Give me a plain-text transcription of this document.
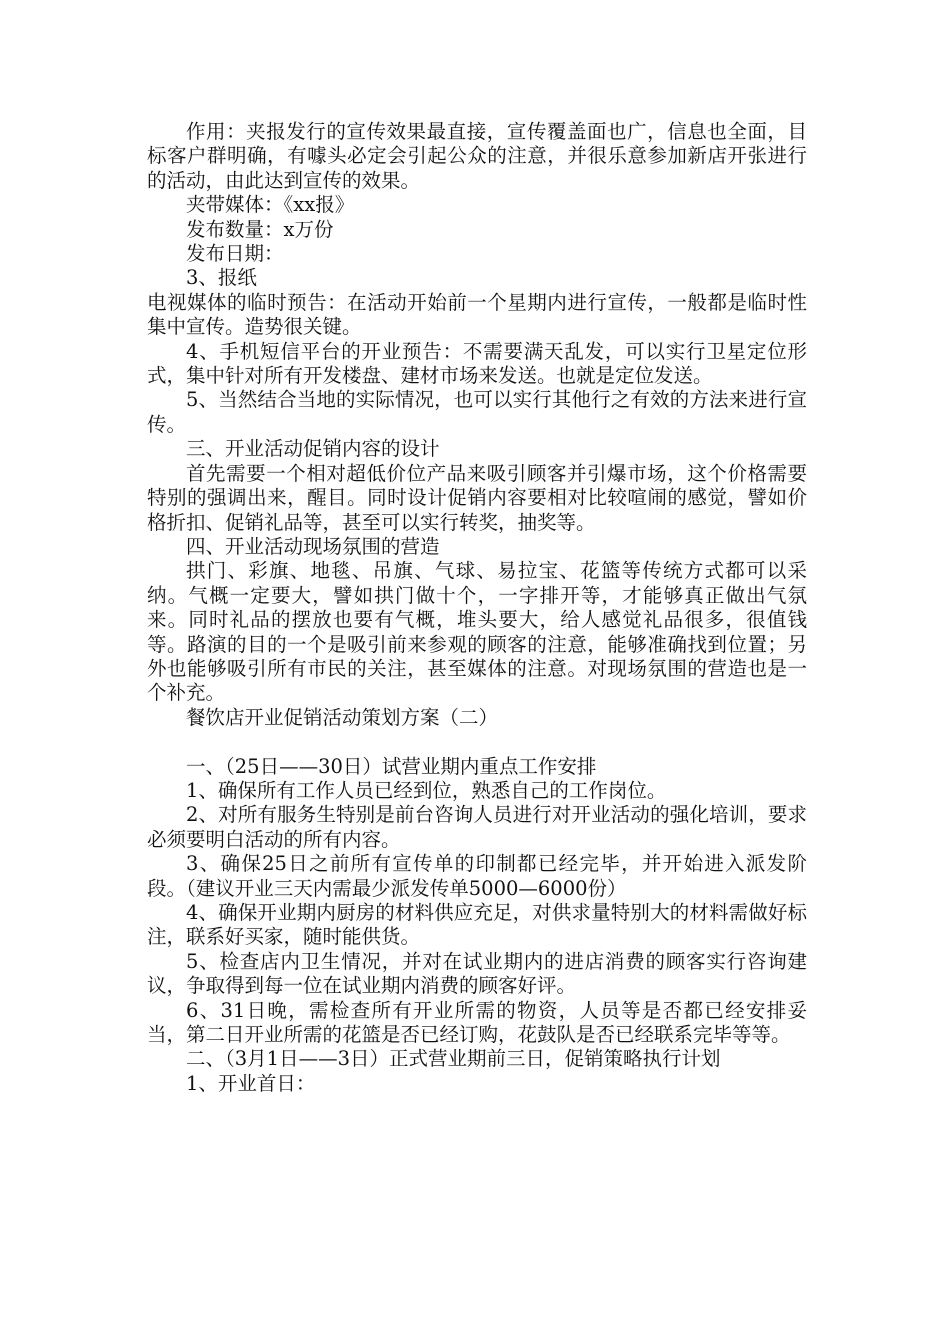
作用：夹报发行的宣传效果最直接，宣传覆盖面也广，信息也全面，目标客户群明确，有噱头必定会引起公众的注意，并很乐意参加新店开张进行的活动，由此达到宣传的效果。

夹带媒体：《xx报》

发布数量：x万份

发布日期：

3、报纸

电视媒体的临时预告：在活动开始前一个星期内进行宣传，一般都是临时性集中宣传。造势很关键。

4、手机短信平台的开业预告：不需要满天乱发，可以实行卫星定位形式，集中针对所有开发楼盘、建材市场来发送。也就是定位发送。

5、当然结合当地的实际情况，也可以实行其他行之有效的方法来进行宣传。

三、开业活动促销内容的设计

首先需要一个相对超低价位产品来吸引顾客并引爆市场，这个价格需要特别的强调出来，醒目。同时设计促销内容要相对比较喧闹的感觉，譬如价格折扣、促销礼品等，甚至可以实行转奖，抽奖等。

四、开业活动现场氛围的营造

拱门、彩旗、地毯、吊旗、气球、易拉宝、花篮等传统方式都可以采纳。气概一定要大，譬如拱门做十个，一字排开等，才能够真正做出气氛来。同时礼品的摆放也要有气概，堆头要大，给人感觉礼品很多，很值钱等。路演的目的一个是吸引前来参观的顾客的注意，能够准确找到位置；另外也能够吸引所有市民的关注，甚至媒体的注意。对现场氛围的营造也是一个补充。

餐饮店开业促销活动策划方案（二）

一、（25日——30日）试营业期内重点工作安排

1、确保所有工作人员已经到位，熟悉自己的工作岗位。

2、对所有服务生特别是前台咨询人员进行对开业活动的强化培训，要求必须要明白活动的所有内容。

3、确保25日之前所有宣传单的印制都已经完毕，并开始进入派发阶段。（建议开业三天内需最少派发传单5000—6000份）

4、确保开业期内厨房的材料供应充足，对供求量特别大的材料需做好标注，联系好买家，随时能供货。

5、检查店内卫生情况，并对在试业期内的进店消费的顾客实行咨询建议，争取得到每一位在试业期内消费的顾客好评。

6、31日晚，需检查所有开业所需的物资，人员等是否都已经安排妥当，第二日开业所需的花篮是否已经订购，花鼓队是否已经联系完毕等等。

二、（3月1日——3日）正式营业期前三日，促销策略执行计划

1、开业首日：
